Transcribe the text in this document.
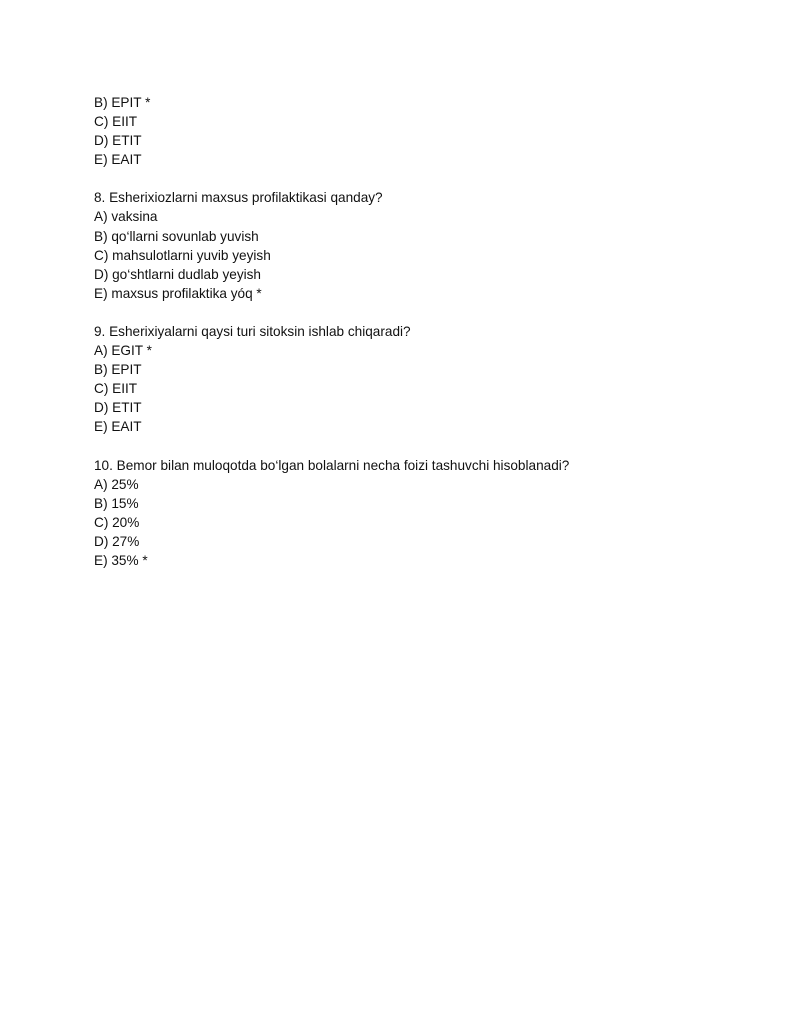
B) EPIT *
C) EIIT
D) ETIT
E) EAIT
8. Esherixiozlarni maxsus profilaktikasi qanday?
A) vaksina
B) qo‘llarni sovunlab yuvish
C) mahsulotlarni yuvib yeyish
D) go‘shtlarni dudlab yeyish
E) maxsus profilaktika yóq *
9. Esherixiyalarni qaysi turi sitoksin ishlab chiqaradi?
A) EGIT *
B) EPIT
C) EIIT
D) ETIT
E) EAIT
10. Bemor bilan muloqotda bo‘lgan bolalarni necha foizi tashuvchi hisoblanadi?
A) 25%
B) 15%
C) 20%
D) 27%
E) 35% *
